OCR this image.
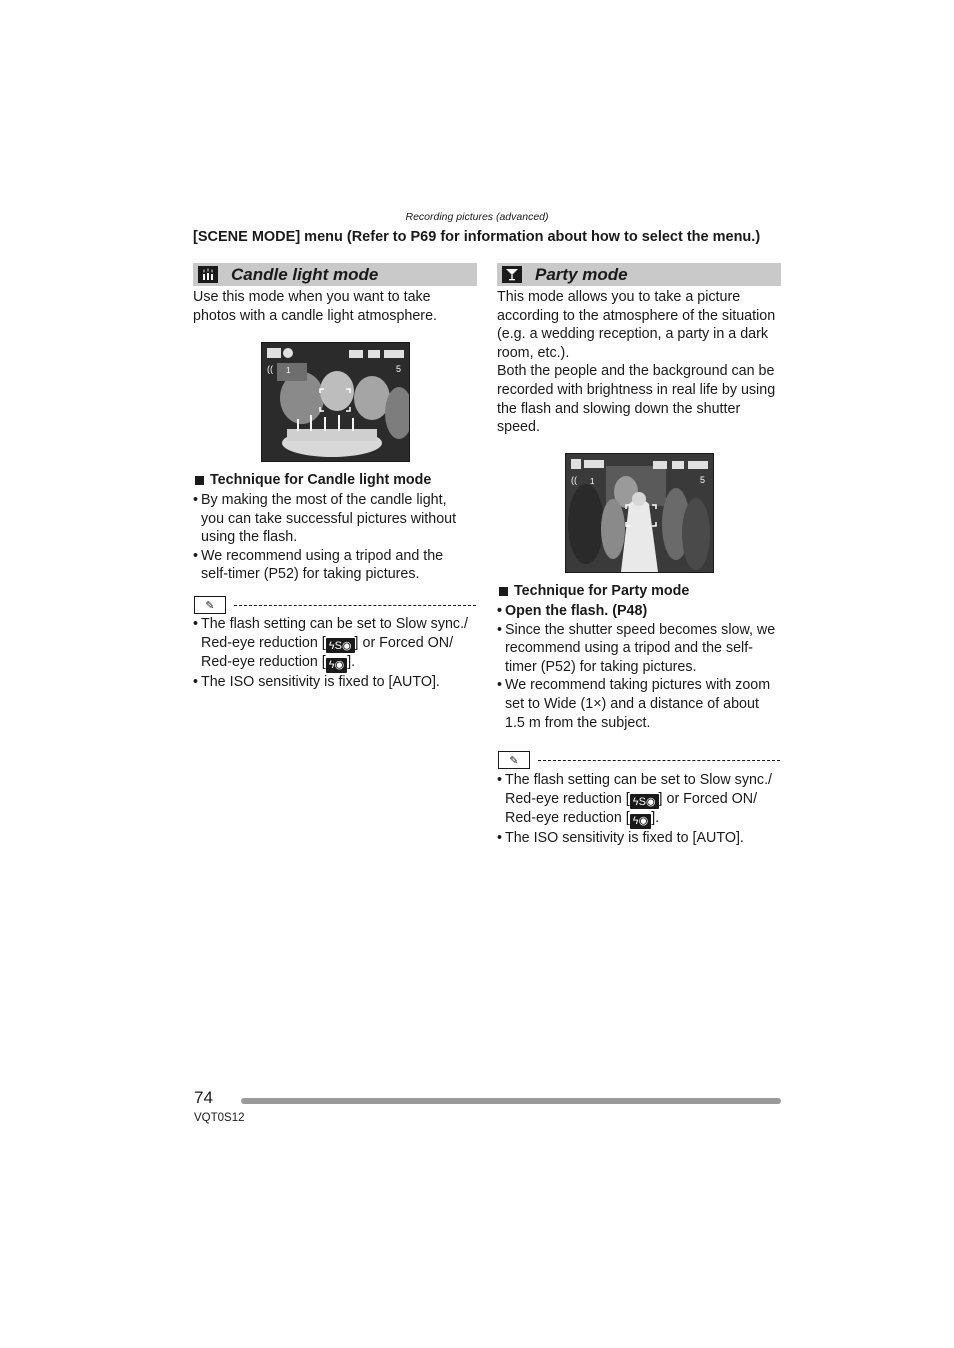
Recording pictures (advanced)
[SCENE MODE] menu (Refer to P69 for information about how to select the menu.)
Candle light mode
Use this mode when you want to take photos with a candle light atmosphere.
(( 1	5
Technique for Candle light mode
• By making the most of the candle light, you can take successful pictures without using the flash.
• We recommend using a tripod and the self-timer (P52) for taking pictures.
✎
• The flash setting can be set to Slow sync./ Red-eye reduction [ ϟS◉ ] or Forced ON/ Red-eye reduction [ ϟ◉ ].
• The ISO sensitivity is fixed to [AUTO].
Party mode

This mode allows you to take a picture according to the atmosphere of the situation (e.g. a wedding reception, a party in a dark room, etc.).

Both the people and the background can be recorded with brightness in real life by using the flash and slowing down the shutter speed.

(( 1	5
Technique for Party mode
• Open the flash. (P48)
• Since the shutter speed becomes slow, we recommend using a tripod and the self-timer (P52) for taking pictures.
• We recommend taking pictures with zoom set to Wide (1×) and a distance of about 1.5 m from the subject.
✎
• The flash setting can be set to Slow sync./ Red-eye reduction [ ϟS◉ ] or Forced ON/ Red-eye reduction [ ϟ◉ ].
• The ISO sensitivity is fixed to [AUTO].
74
VQT0S12
